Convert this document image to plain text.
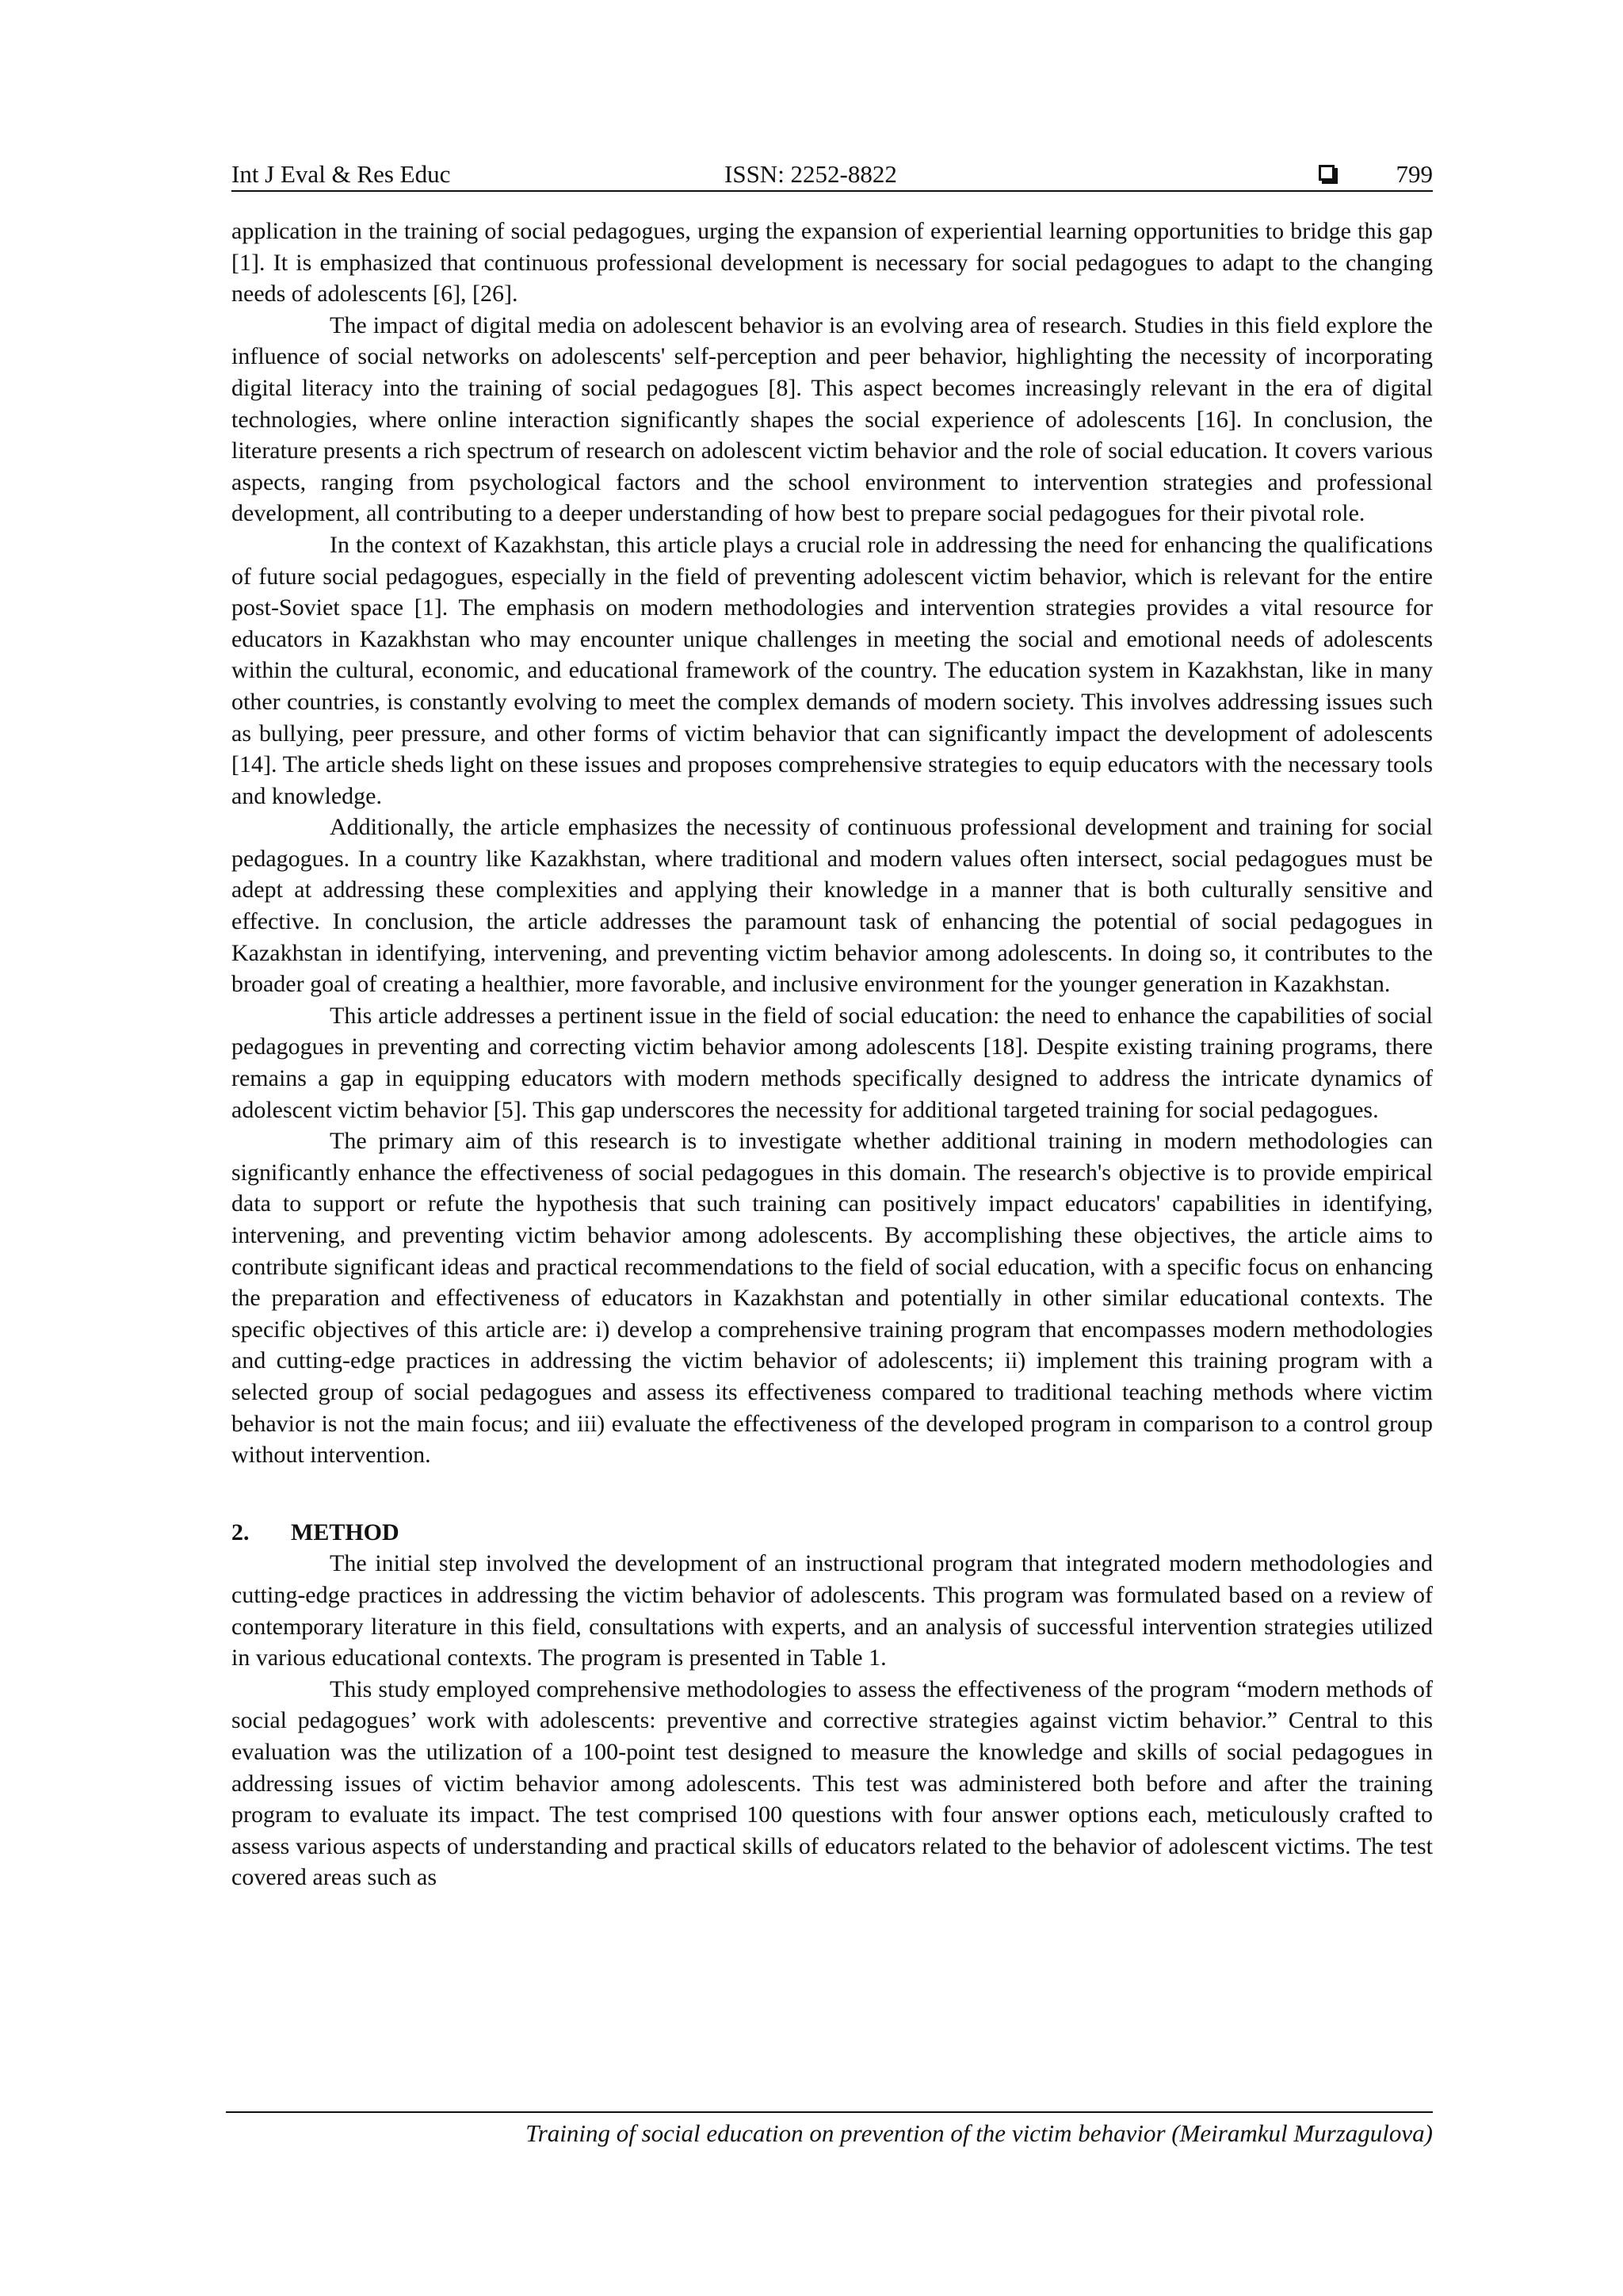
Int J Eval & Res Educ	ISSN: 2252-8822	799

application in the training of social pedagogues, urging the expansion of experiential learning opportunities to bridge this gap [1]. It is emphasized that continuous professional development is necessary for social pedagogues to adapt to the changing needs of adolescents [6], [26].

The impact of digital media on adolescent behavior is an evolving area of research. Studies in this field explore the influence of social networks on adolescents' self-perception and peer behavior, highlighting the necessity of incorporating digital literacy into the training of social pedagogues [8]. This aspect becomes increasingly relevant in the era of digital technologies, where online interaction significantly shapes the social experience of adolescents [16]. In conclusion, the literature presents a rich spectrum of research on adolescent victim behavior and the role of social education. It covers various aspects, ranging from psychological factors and the school environment to intervention strategies and professional development, all contributing to a deeper understanding of how best to prepare social pedagogues for their pivotal role.

In the context of Kazakhstan, this article plays a crucial role in addressing the need for enhancing the qualifications of future social pedagogues, especially in the field of preventing adolescent victim behavior, which is relevant for the entire post-Soviet space [1]. The emphasis on modern methodologies and intervention strategies provides a vital resource for educators in Kazakhstan who may encounter unique challenges in meeting the social and emotional needs of adolescents within the cultural, economic, and educational framework of the country. The education system in Kazakhstan, like in many other countries, is constantly evolving to meet the complex demands of modern society. This involves addressing issues such as bullying, peer pressure, and other forms of victim behavior that can significantly impact the development of adolescents [14]. The article sheds light on these issues and proposes comprehensive strategies to equip educators with the necessary tools and knowledge.

Additionally, the article emphasizes the necessity of continuous professional development and training for social pedagogues. In a country like Kazakhstan, where traditional and modern values often intersect, social pedagogues must be adept at addressing these complexities and applying their knowledge in a manner that is both culturally sensitive and effective. In conclusion, the article addresses the paramount task of enhancing the potential of social pedagogues in Kazakhstan in identifying, intervening, and preventing victim behavior among adolescents. In doing so, it contributes to the broader goal of creating a healthier, more favorable, and inclusive environment for the younger generation in Kazakhstan.

This article addresses a pertinent issue in the field of social education: the need to enhance the capabilities of social pedagogues in preventing and correcting victim behavior among adolescents [18]. Despite existing training programs, there remains a gap in equipping educators with modern methods specifically designed to address the intricate dynamics of adolescent victim behavior [5]. This gap underscores the necessity for additional targeted training for social pedagogues.

The primary aim of this research is to investigate whether additional training in modern methodologies can significantly enhance the effectiveness of social pedagogues in this domain. The research's objective is to provide empirical data to support or refute the hypothesis that such training can positively impact educators' capabilities in identifying, intervening, and preventing victim behavior among adolescents. By accomplishing these objectives, the article aims to contribute significant ideas and practical recommendations to the field of social education, with a specific focus on enhancing the preparation and effectiveness of educators in Kazakhstan and potentially in other similar educational contexts. The specific objectives of this article are: i) develop a comprehensive training program that encompasses modern methodologies and cutting-edge practices in addressing the victim behavior of adolescents; ii) implement this training program with a selected group of social pedagogues and assess its effectiveness compared to traditional teaching methods where victim behavior is not the main focus; and iii) evaluate the effectiveness of the developed program in comparison to a control group without intervention.

2. METHOD

The initial step involved the development of an instructional program that integrated modern methodologies and cutting-edge practices in addressing the victim behavior of adolescents. This program was formulated based on a review of contemporary literature in this field, consultations with experts, and an analysis of successful intervention strategies utilized in various educational contexts. The program is presented in Table 1.

This study employed comprehensive methodologies to assess the effectiveness of the program “modern methods of social pedagogues’ work with adolescents: preventive and corrective strategies against victim behavior.” Central to this evaluation was the utilization of a 100-point test designed to measure the knowledge and skills of social pedagogues in addressing issues of victim behavior among adolescents. This test was administered both before and after the training program to evaluate its impact. The test comprised 100 questions with four answer options each, meticulously crafted to assess various aspects of understanding and practical skills of educators related to the behavior of adolescent victims. The test covered areas such as

Training of social education on prevention of the victim behavior (Meiramkul Murzagulova)
